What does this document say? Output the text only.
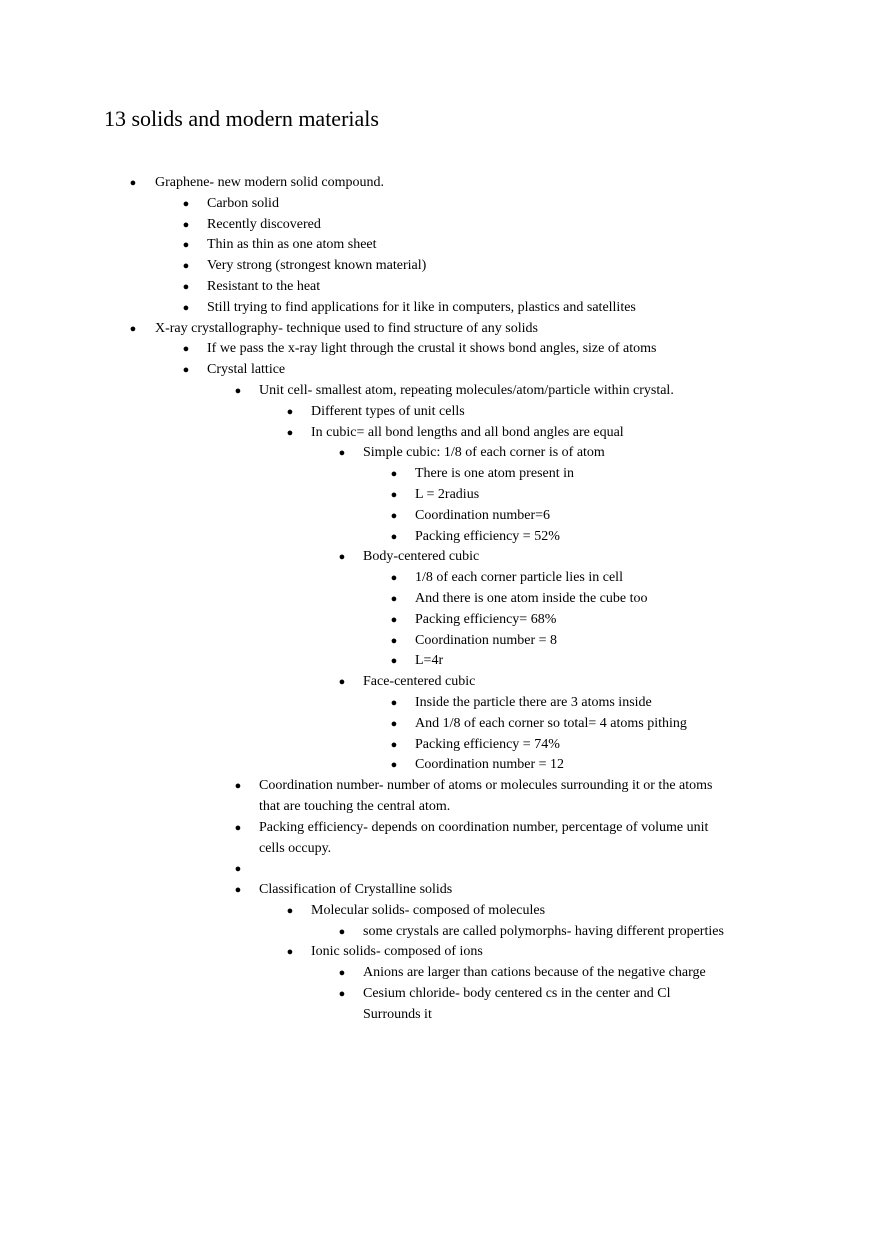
13 solids and modern materials
● Graphene- new modern solid compound.
● Carbon solid
● Recently discovered
● Thin as thin as one atom sheet
● Very strong (strongest known material)
● Resistant to the heat
● Still trying to find applications for it like in computers, plastics and satellites
● X-ray crystallography- technique used to find structure of any solids
● If we pass the x-ray light through the crustal it shows bond angles, size of atoms
● Crystal lattice
● Unit cell- smallest atom, repeating molecules/atom/particle within crystal.
● Different types of unit cells
● In cubic= all bond lengths and all bond angles are equal
● Simple cubic: 1/8 of each corner is of atom
● There is one atom present in
● L = 2radius
● Coordination number=6
● Packing efficiency = 52%
● Body-centered cubic
● 1/8 of each corner particle lies in cell
● And there is one atom inside the cube too
● Packing efficiency= 68%
● Coordination number = 8
● L=4r
● Face-centered cubic
● Inside the particle there are 3 atoms inside
● And 1/8 of each corner so total= 4 atoms pithing
● Packing efficiency = 74%
● Coordination number = 12
● Coordination number- number of atoms or molecules surrounding it or the atoms that are touching the central atom.
● Packing efficiency- depends on coordination number, percentage of volume unit cells occupy.
●

● Classification of Crystalline solids
● Molecular solids- composed of molecules
● some crystals are called polymorphs- having different properties
● Ionic solids- composed of ions
● Anions are larger than cations because of the negative charge
● Cesium chloride- body centered cs in the center and Cl Surrounds it
